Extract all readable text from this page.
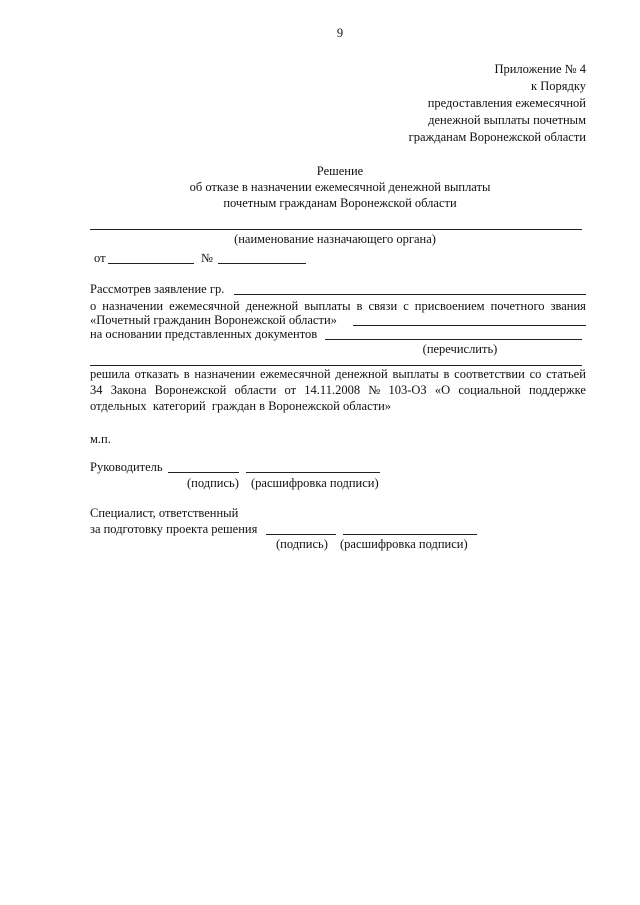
9
Приложение № 4
к Порядку
предоставления ежемесячной
денежной выплаты почетным
гражданам Воронежской области
Решение
об отказе в назначении ежемесячной денежной выплаты
почетным гражданам Воронежской области
(наименование назначающего органа)
от	№
Рассмотрев заявление гр.
о назначении ежемесячной денежной выплаты в связи с присвоением почетного звания
«Почетный гражданин Воронежской области»
на основании представленных документов
(перечислить)
решила отказать в назначении ежемесячной денежной выплаты в соответствии со статьей
34 Закона Воронежской области от 14.11.2008 № 103-ОЗ «О социальной поддержке
отдельных  категорий  граждан в Воронежской области»
м.п.
Руководитель
(подпись) (расшифровка подписи)
Специалист, ответственный
за подготовку проекта решения
(подпись) (расшифровка подписи)
